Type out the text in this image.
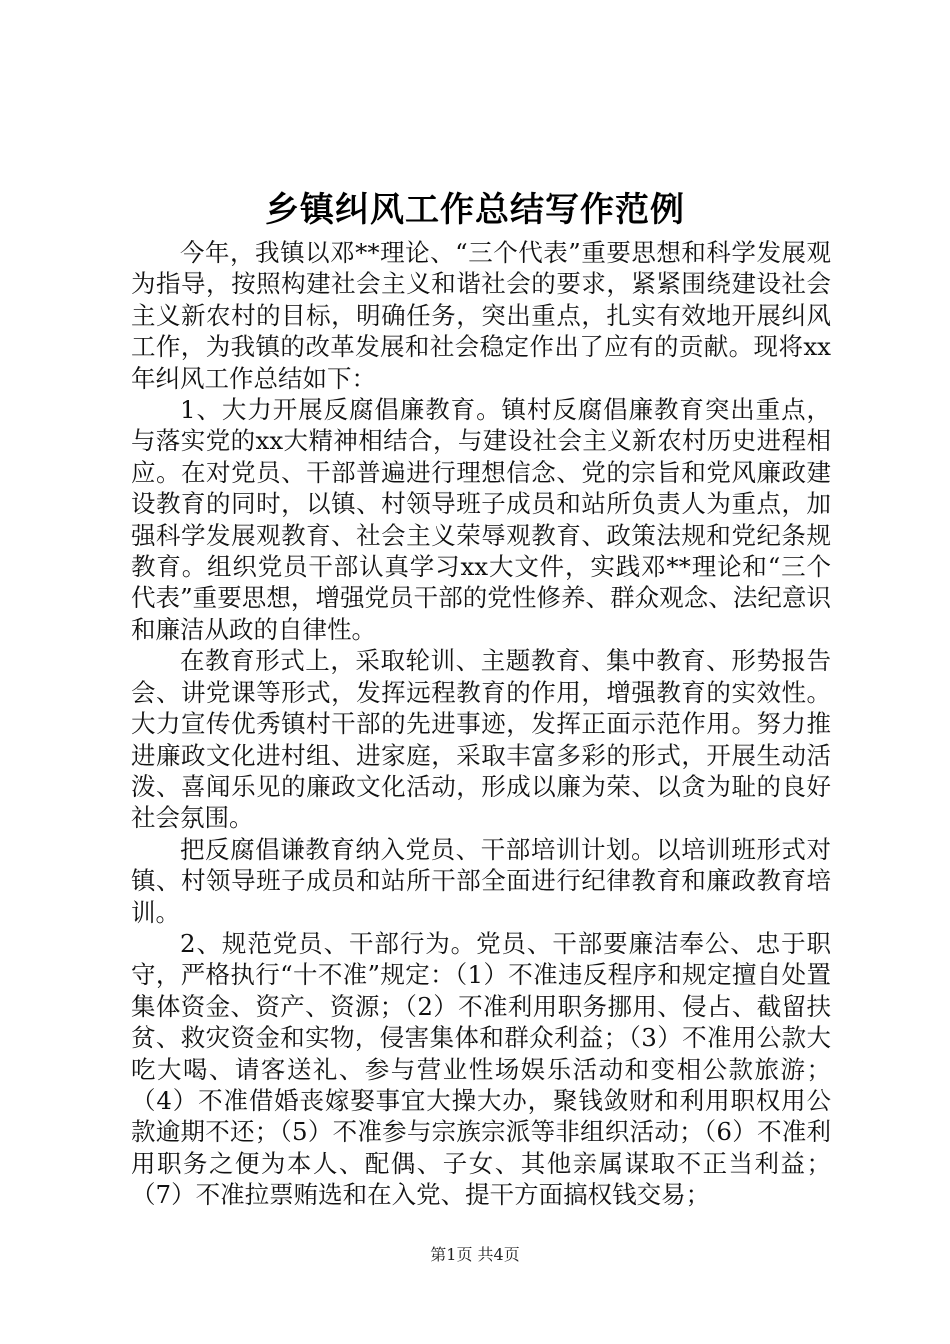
乡镇纠风工作总结写作范例

今年，我镇以邓**理论、“三个代表”重要思想和科学发展观为指导，按照构建社会主义和谐社会的要求，紧紧围绕建设社会主义新农村的目标，明确任务，突出重点，扎实有效地开展纠风工作，为我镇的改革发展和社会稳定作出了应有的贡献。现将xx年纠风工作总结如下：

1、大力开展反腐倡廉教育。镇村反腐倡廉教育突出重点，与落实党的xx大精神相结合，与建设社会主义新农村历史进程相应。在对党员、干部普遍进行理想信念、党的宗旨和党风廉政建设教育的同时，以镇、村领导班子成员和站所负责人为重点，加强科学发展观教育、社会主义荣辱观教育、政策法规和党纪条规教育。组织党员干部认真学习xx大文件，实践邓**理论和“三个代表”重要思想，增强党员干部的党性修养、群众观念、法纪意识和廉洁从政的自律性。

在教育形式上，采取轮训、主题教育、集中教育、形势报告会、讲党课等形式，发挥远程教育的作用，增强教育的实效性。大力宣传优秀镇村干部的先进事迹，发挥正面示范作用。努力推进廉政文化进村组、进家庭，采取丰富多彩的形式，开展生动活泼、喜闻乐见的廉政文化活动，形成以廉为荣、以贪为耻的良好社会氛围。

把反腐倡谦教育纳入党员、干部培训计划。以培训班形式对镇、村领导班子成员和站所干部全面进行纪律教育和廉政教育培训。

2、规范党员、干部行为。党员、干部要廉洁奉公、忠于职守，严格执行“十不准”规定：（1）不准违反程序和规定擅自处置集体资金、资产、资源；（2）不准利用职务挪用、侵占、截留扶贫、救灾资金和实物，侵害集体和群众利益；（3）不准用公款大吃大喝、请客送礼、参与营业性场娱乐活动和变相公款旅游；（4）不准借婚丧嫁娶事宜大操大办，聚钱敛财和利用职权用公款逾期不还；（5）不准参与宗族宗派等非组织活动；（6）不准利用职务之便为本人、配偶、子女、其他亲属谋取不正当利益；（7）不准拉票贿选和在入党、提干方面搞权钱交易；

第1页 共4页
